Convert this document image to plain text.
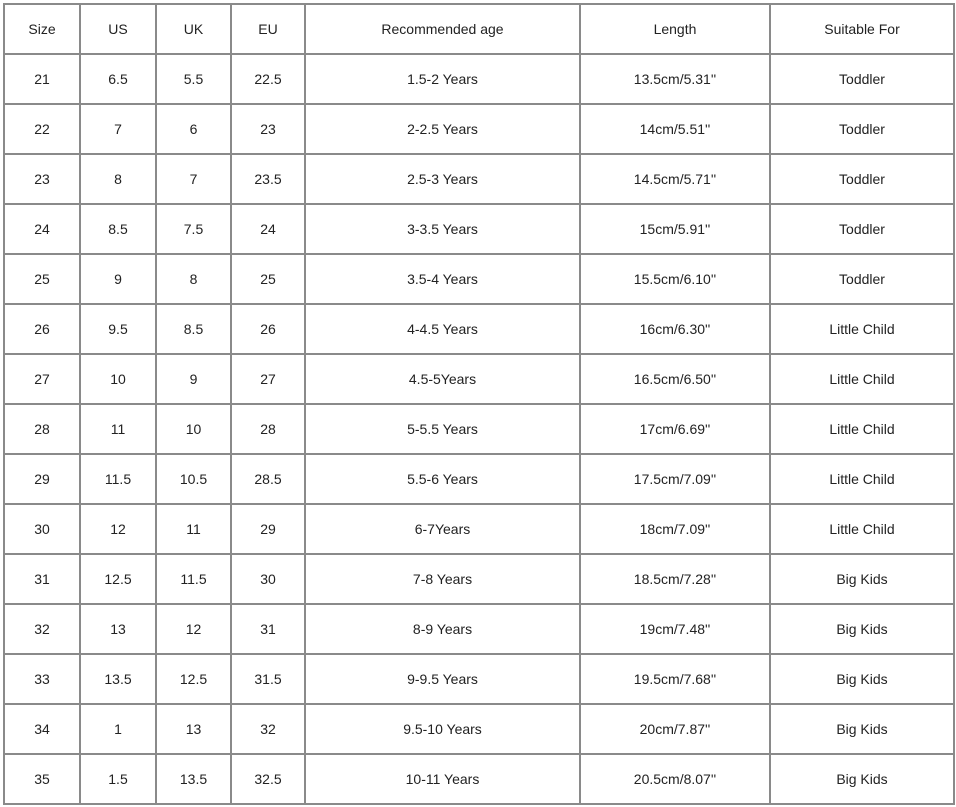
Size	US	UK	EU	Recommended age	Length	Suitable For
21	6.5	5.5	22.5	1.5-2 Years	13.5cm/5.31''	Toddler
22	7	6	23	2-2.5 Years	14cm/5.51''	Toddler
23	8	7	23.5	2.5-3 Years	14.5cm/5.71''	Toddler
24	8.5	7.5	24	3-3.5 Years	15cm/5.91''	Toddler
25	9	8	25	3.5-4 Years	15.5cm/6.10''	Toddler
26	9.5	8.5	26	4-4.5 Years	16cm/6.30''	Little Child
27	10	9	27	4.5-5Years	16.5cm/6.50''	Little Child
28	11	10	28	5-5.5 Years	17cm/6.69''	Little Child
29	11.5	10.5	28.5	5.5-6 Years	17.5cm/7.09''	Little Child
30	12	11	29	6-7Years	18cm/7.09''	Little Child
31	12.5	11.5	30	7-8 Years	18.5cm/7.28''	Big Kids
32	13	12	31	8-9 Years	19cm/7.48''	Big Kids
33	13.5	12.5	31.5	9-9.5 Years	19.5cm/7.68''	Big Kids
34	1	13	32	9.5-10 Years	20cm/7.87''	Big Kids
35	1.5	13.5	32.5	10-11 Years	20.5cm/8.07''	Big Kids
